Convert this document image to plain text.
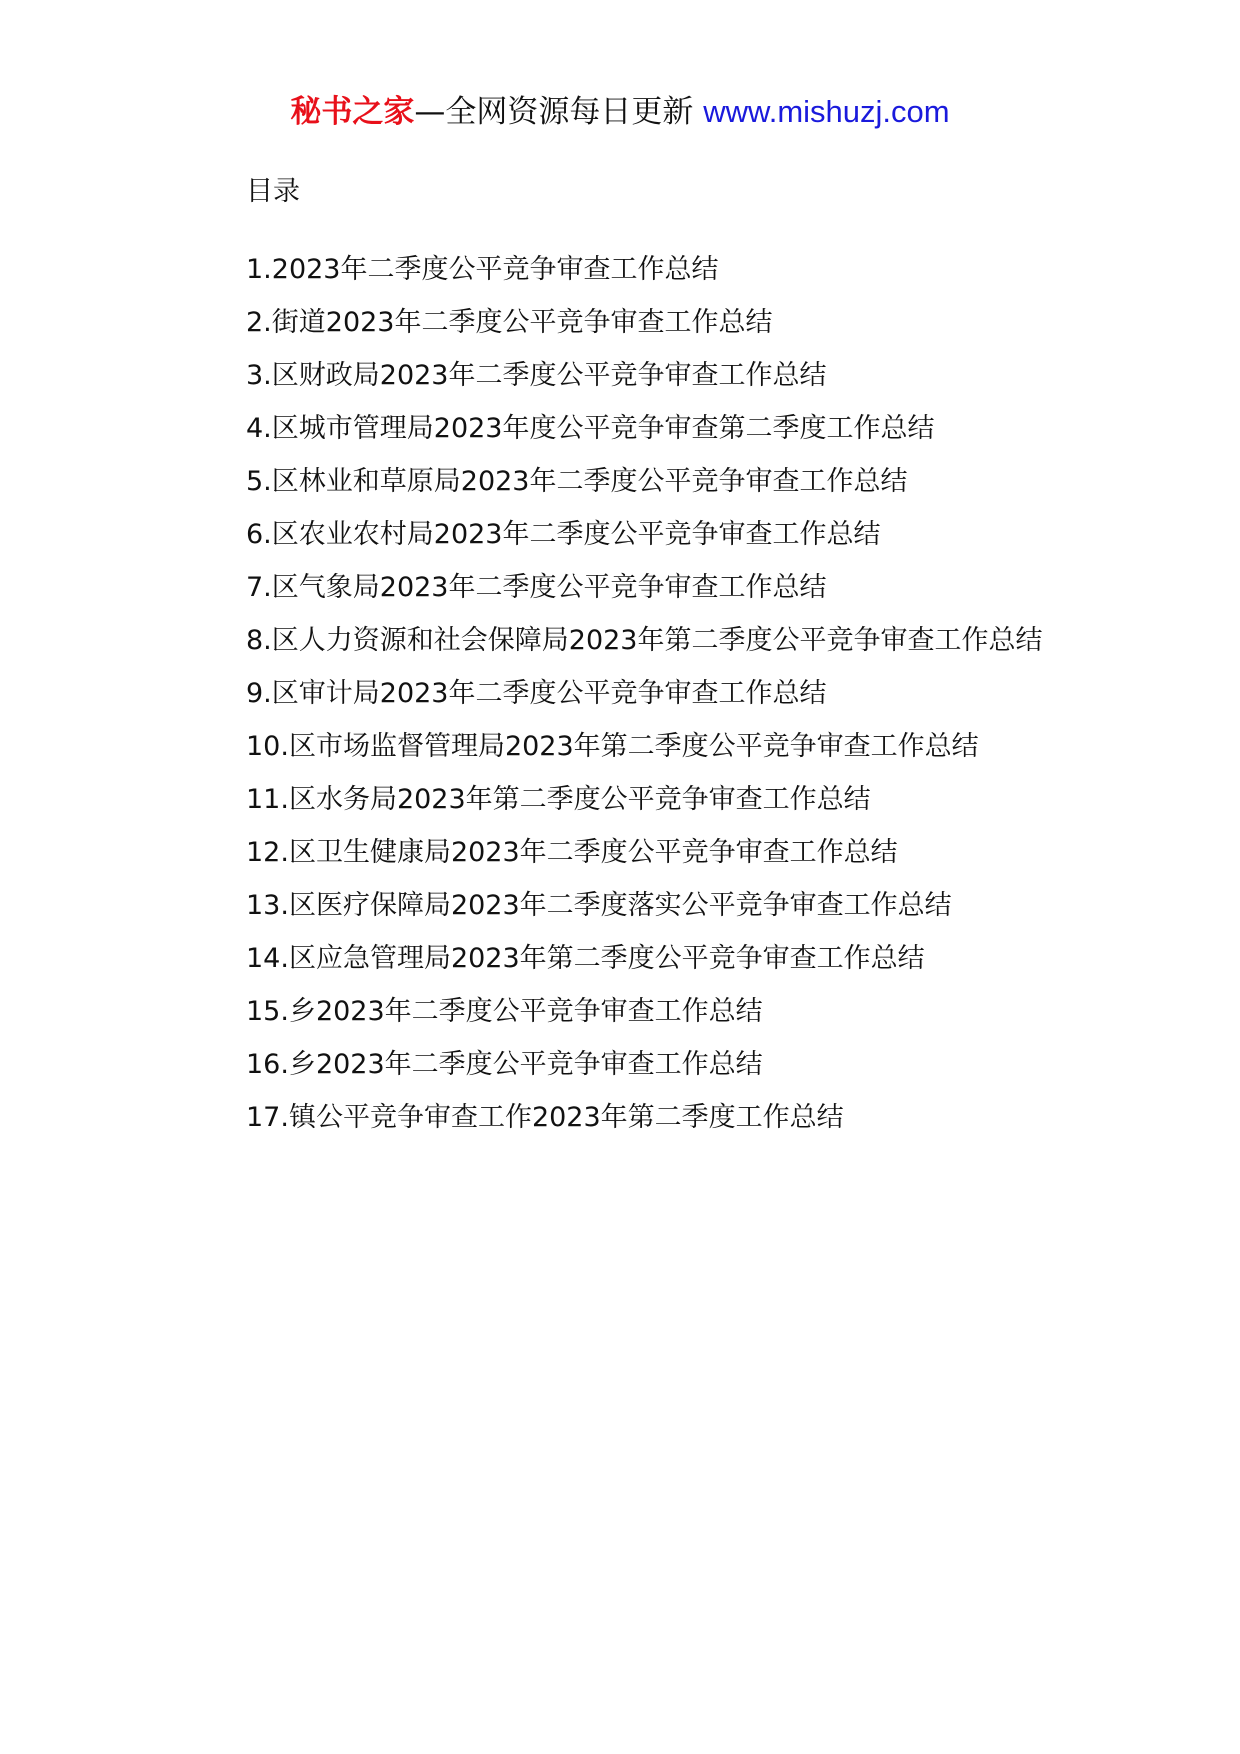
秘书之家—全网资源每日更新 www.mishuzj.com
目录
1.2023年二季度公平竞争审查工作总结
2.街道2023年二季度公平竞争审查工作总结
3.区财政局2023年二季度公平竞争审查工作总结
4.区城市管理局2023年度公平竞争审查第二季度工作总结
5.区林业和草原局2023年二季度公平竞争审查工作总结
6.区农业农村局2023年二季度公平竞争审查工作总结
7.区气象局2023年二季度公平竞争审查工作总结
8.区人力资源和社会保障局2023年第二季度公平竞争审查工作总结
9.区审计局2023年二季度公平竞争审查工作总结
10.区市场监督管理局2023年第二季度公平竞争审查工作总结
11.区水务局2023年第二季度公平竞争审查工作总结
12.区卫生健康局2023年二季度公平竞争审查工作总结
13.区医疗保障局2023年二季度落实公平竞争审查工作总结
14.区应急管理局2023年第二季度公平竞争审查工作总结
15.乡2023年二季度公平竞争审查工作总结
16.乡2023年二季度公平竞争审查工作总结
17.镇公平竞争审查工作2023年第二季度工作总结
